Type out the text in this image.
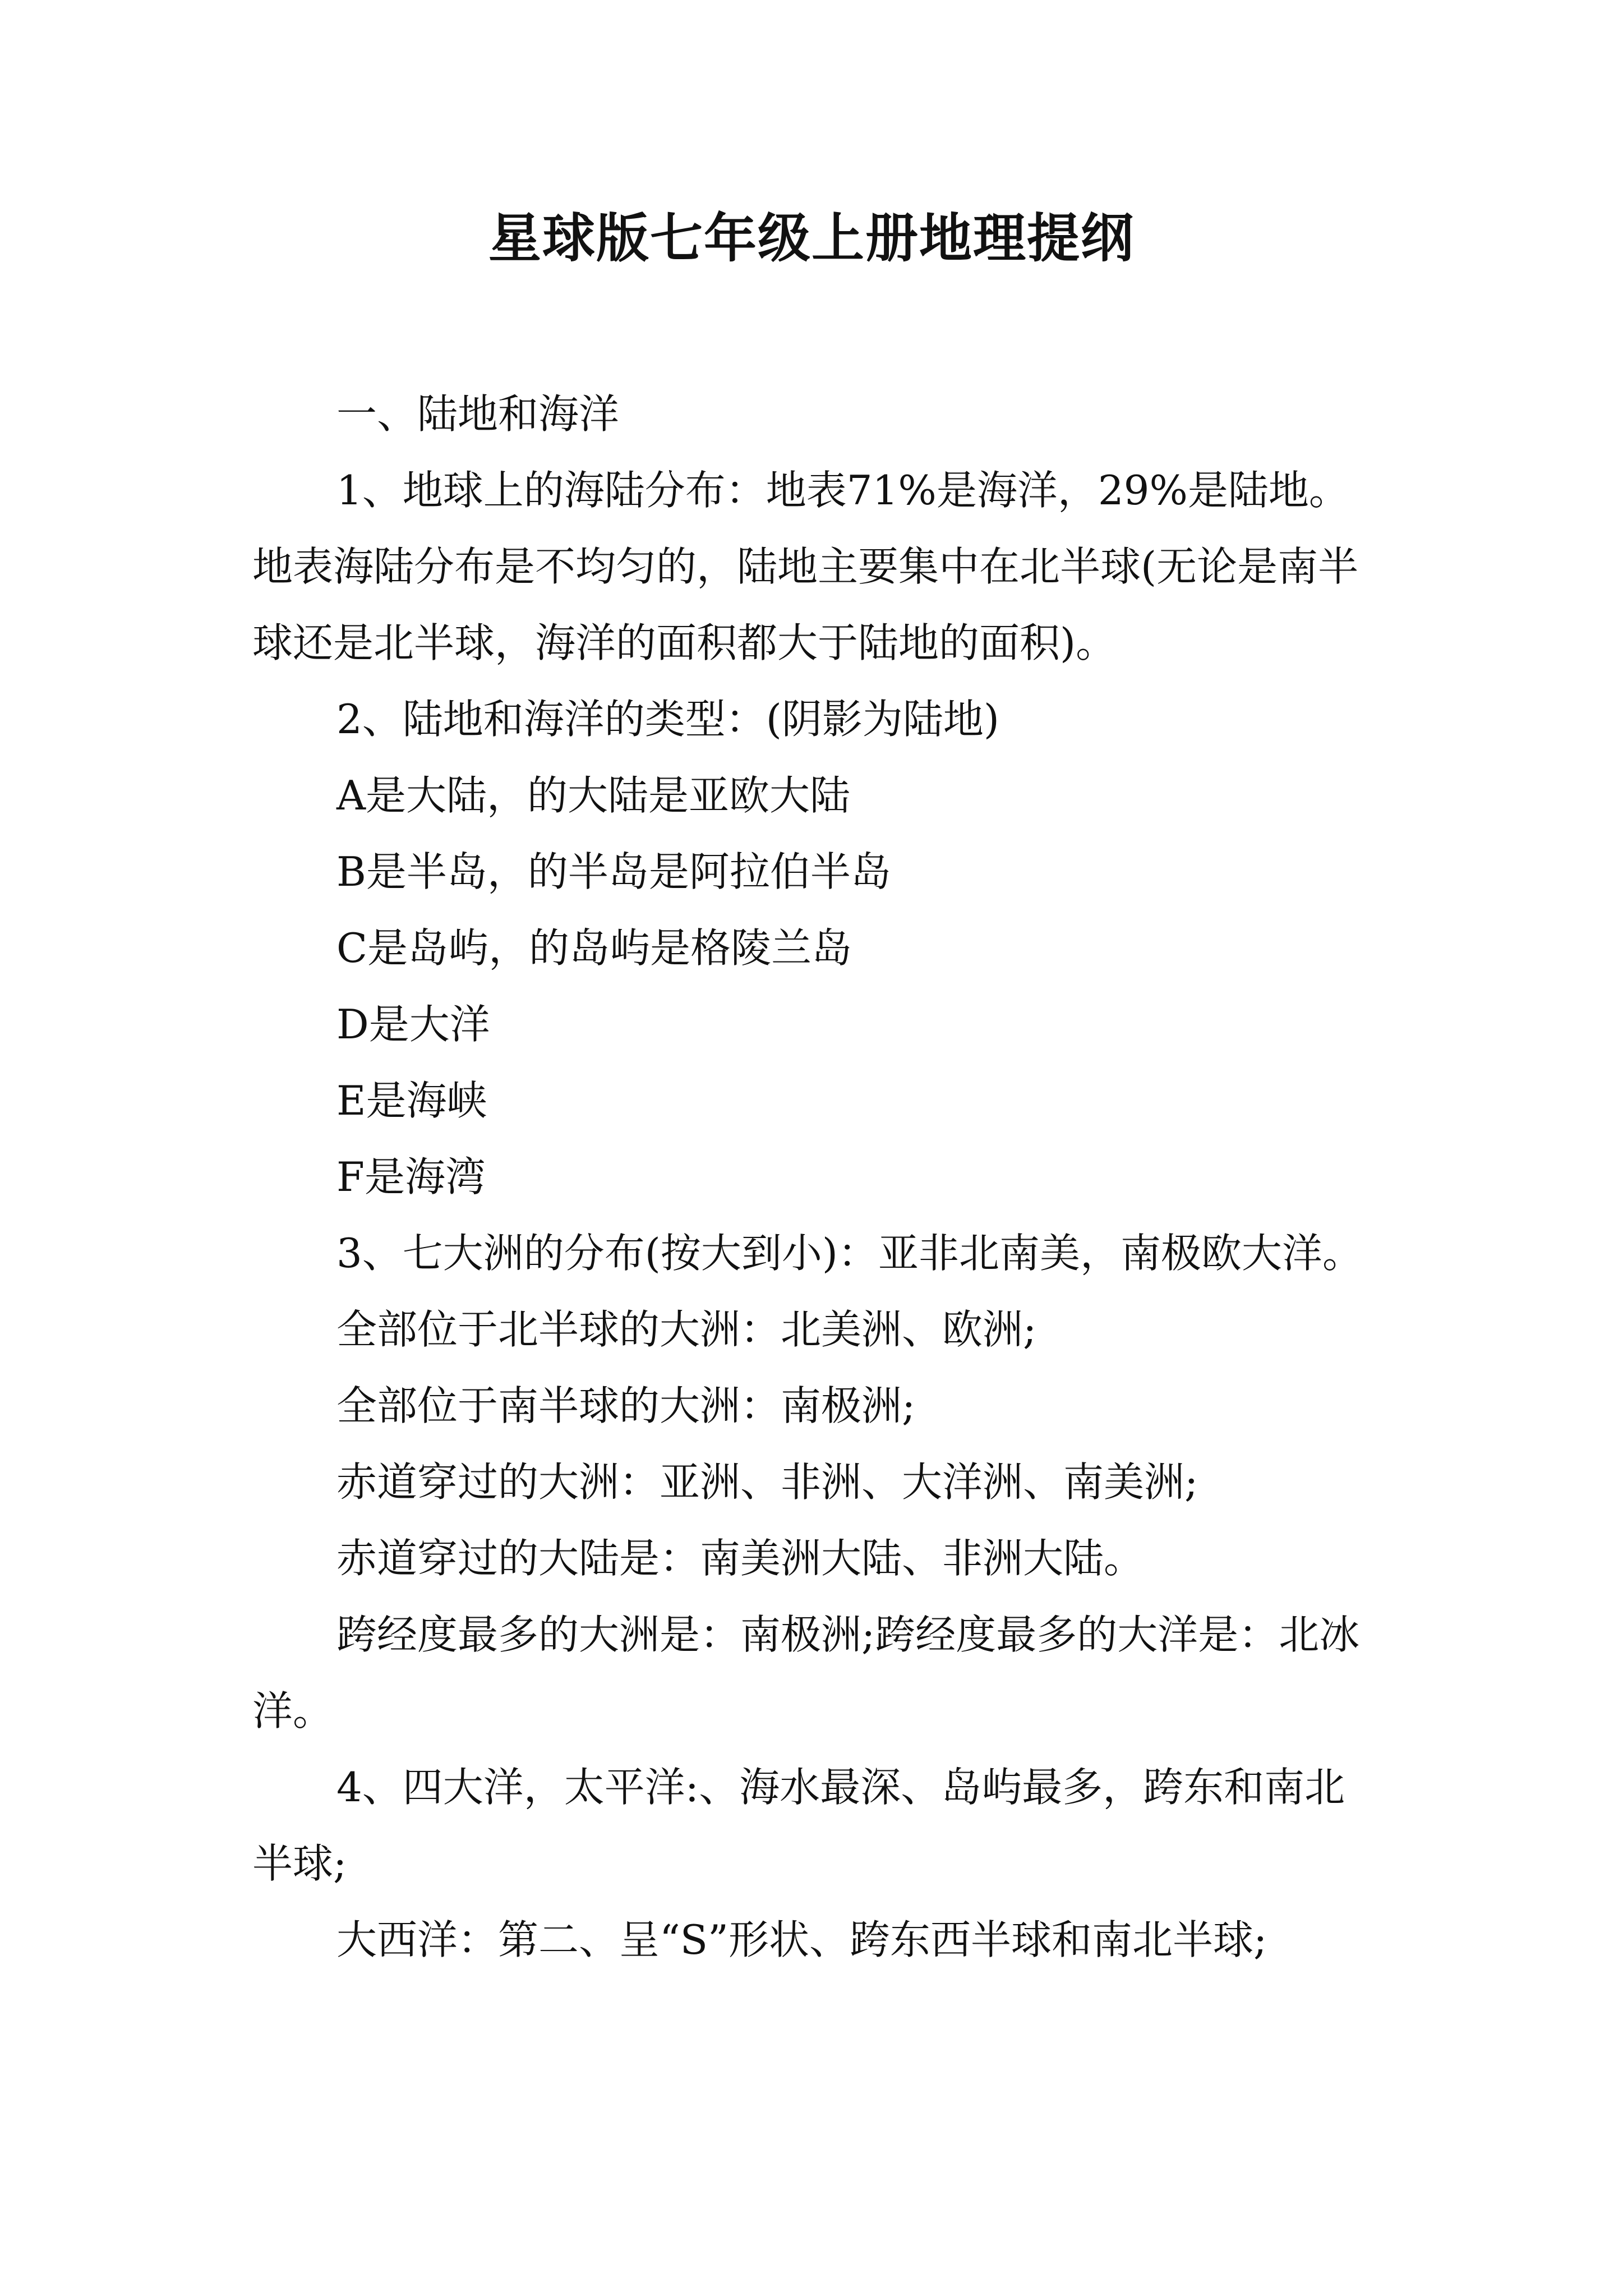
星球版七年级上册地理提纲

一、陆地和海洋

1、地球上的海陆分布：地表71%是海洋，29%是陆地。地表海陆分布是不均匀的，陆地主要集中在北半球(无论是南半球还是北半球，海洋的面积都大于陆地的面积)。

2、陆地和海洋的类型：(阴影为陆地)

A是大陆，的大陆是亚欧大陆

B是半岛，的半岛是阿拉伯半岛

C是岛屿，的岛屿是格陵兰岛

D是大洋

E是海峡

F是海湾

3、七大洲的分布(按大到小)：亚非北南美，南极欧大洋。

全部位于北半球的大洲：北美洲、欧洲;

全部位于南半球的大洲：南极洲;

赤道穿过的大洲：亚洲、非洲、大洋洲、南美洲;

赤道穿过的大陆是：南美洲大陆、非洲大陆。

跨经度最多的大洲是：南极洲;跨经度最多的大洋是：北冰洋。

4、四大洋，太平洋:、海水最深、岛屿最多，跨东和南北半球;

大西洋：第二、呈“S”形状、跨东西半球和南北半球;
